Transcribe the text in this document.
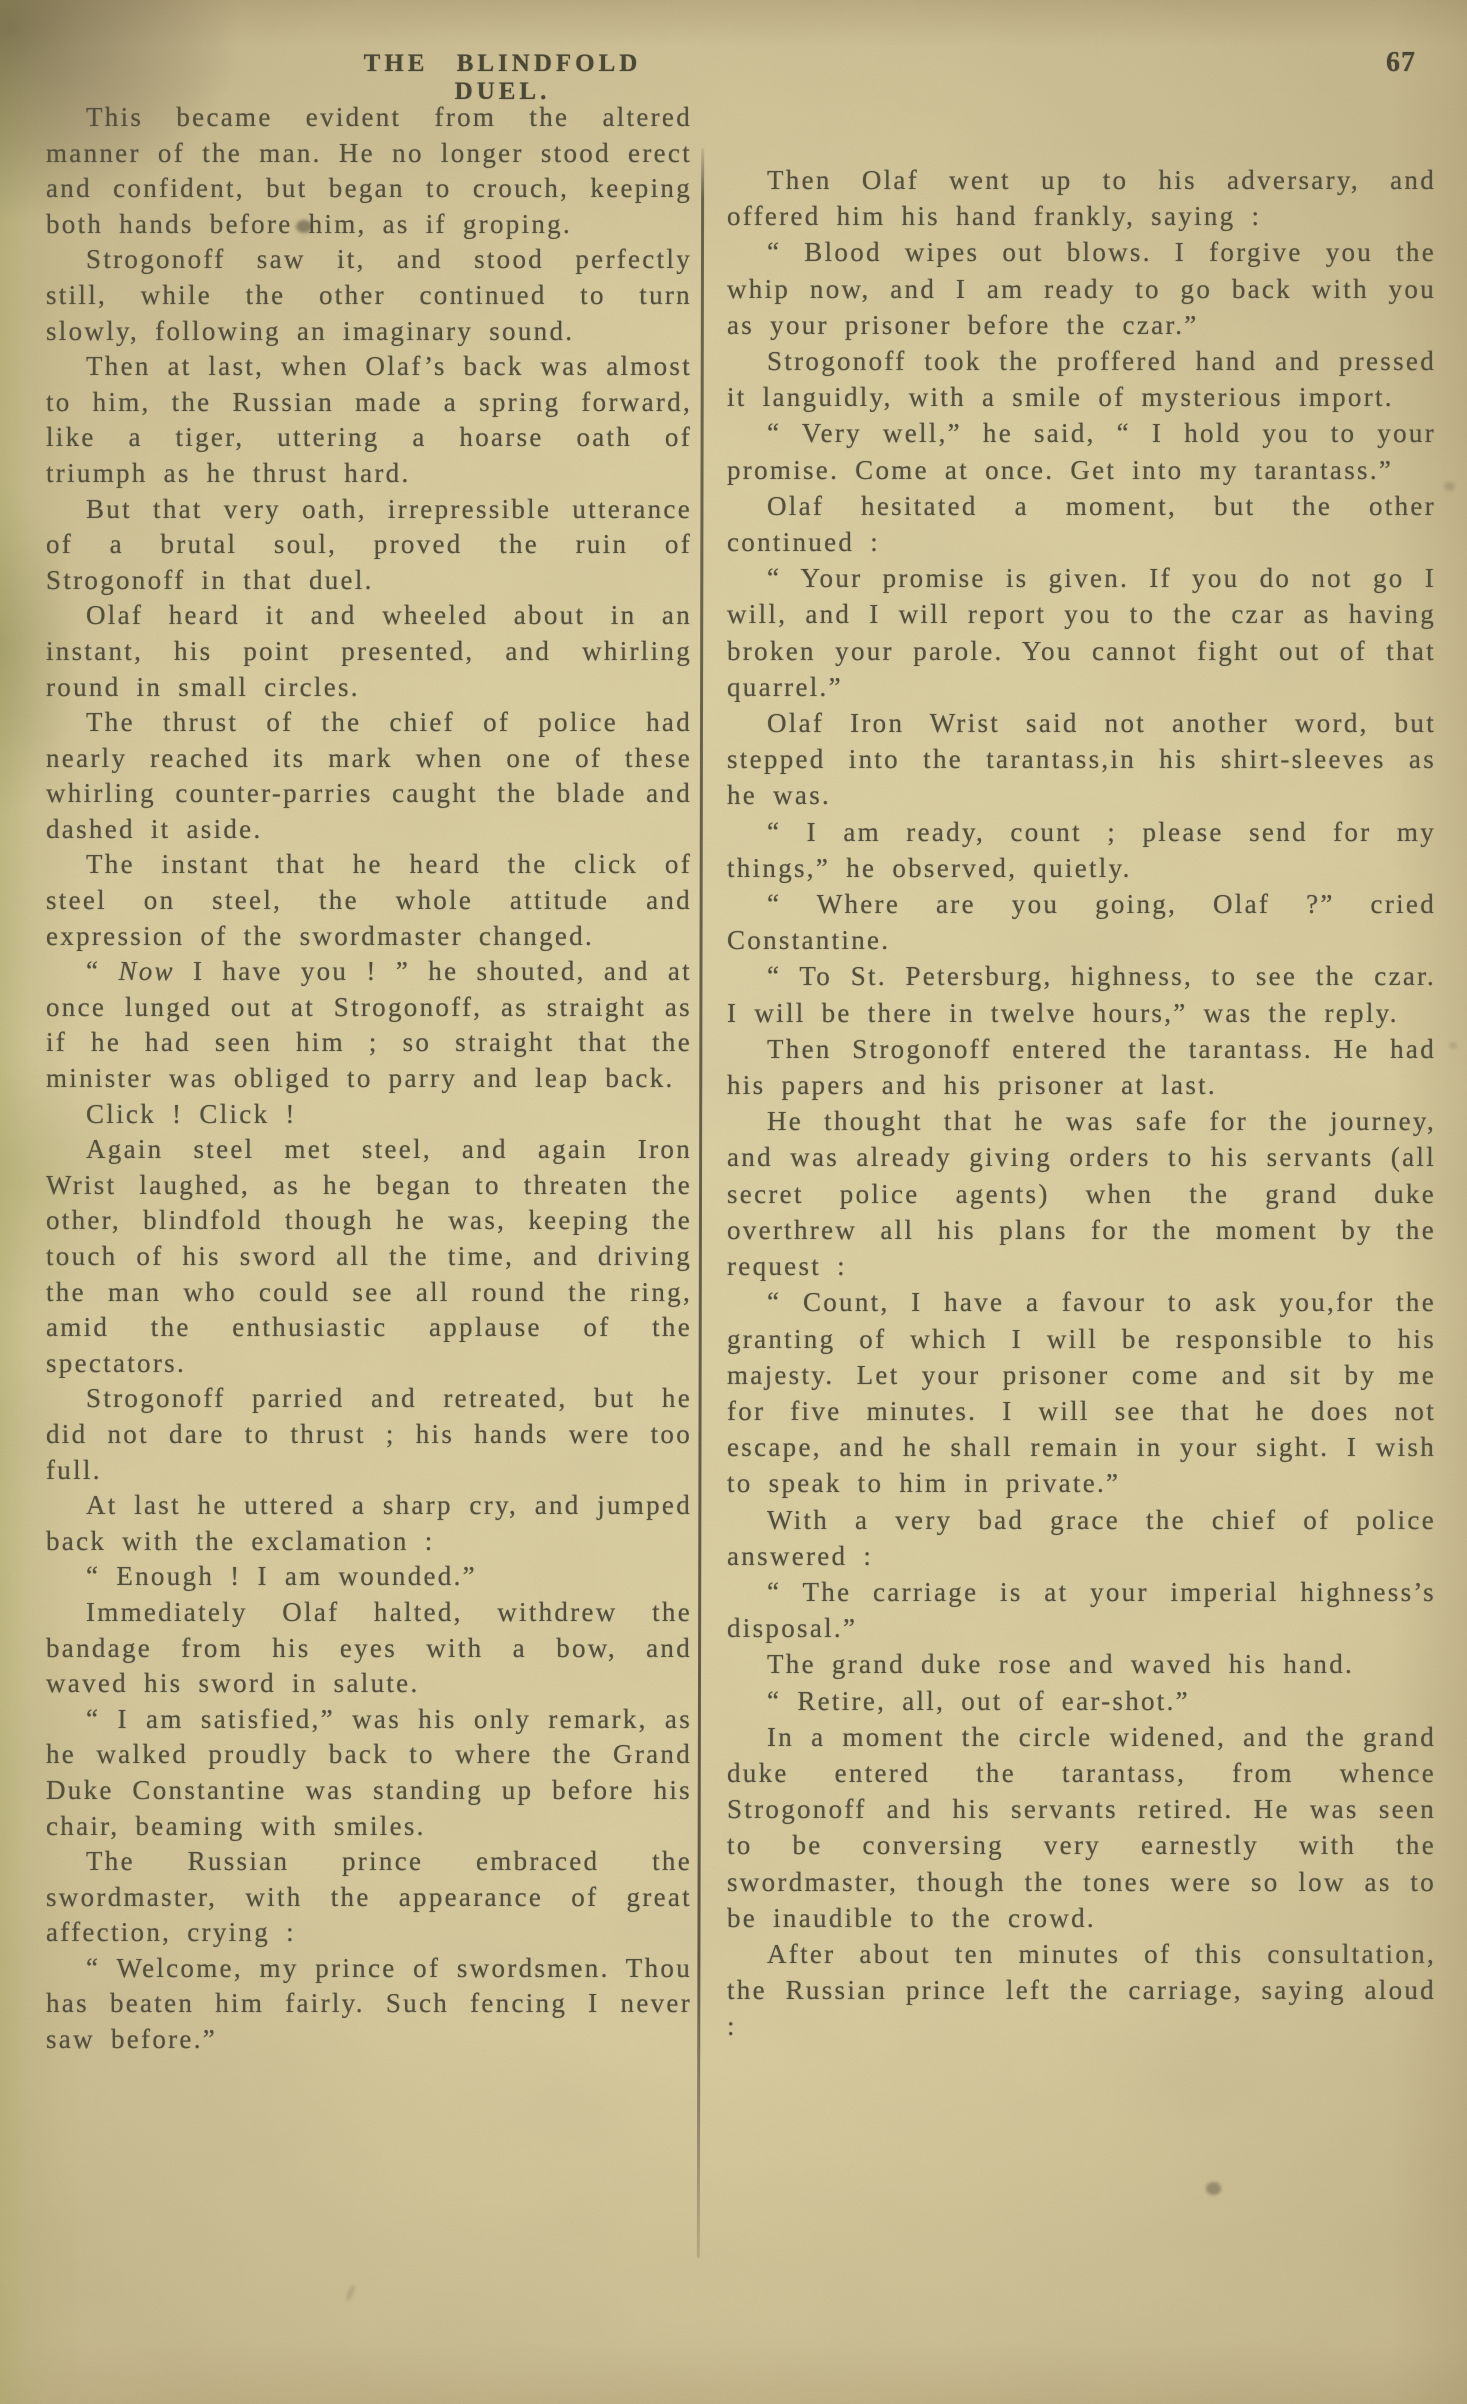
THE BLINDFOLD DUEL.
67

This became evident from the altered manner of the man. He no longer stood erect and confident, but began to crouch, keeping both hands before him, as if groping.

Strogonoff saw it, and stood perfectly still, while the other continued to turn slowly, following an imaginary sound.

Then at last, when Olaf’s back was almost to him, the Russian made a spring forward, like a tiger, uttering a hoarse oath of triumph as he thrust hard.

But that very oath, irrepressible utterance of a brutal soul, proved the ruin of Strogonoff in that duel.

Olaf heard it and wheeled about in an instant, his point presented, and whirling round in small circles.

The thrust of the chief of police had nearly reached its mark when one of these whirling counter-parries caught the blade and dashed it aside.

The instant that he heard the click of steel on steel, the whole attitude and expression of the swordmaster changed.

“ Now I have you ! ” he shouted, and at once lunged out at Strogonoff, as straight as if he had seen him ; so straight that the minister was obliged to parry and leap back.

Click ! Click !

Again steel met steel, and again Iron Wrist laughed, as he began to threaten the other, blindfold though he was, keeping the touch of his sword all the time, and driving the man who could see all round the ring, amid the enthusiastic applause of the spectators.

Strogonoff parried and retreated, but he did not dare to thrust ; his hands were too full.

At last he uttered a sharp cry, and jumped back with the exclamation :

“ Enough ! I am wounded.”

Immediately Olaf halted, withdrew the bandage from his eyes with a bow, and waved his sword in salute.

“ I am satisfied,” was his only remark, as he walked proudly back to where the Grand Duke Constantine was standing up before his chair, beaming with smiles.

The Russian prince embraced the swordmaster, with the appearance of great affection, crying :

“ Welcome, my prince of swordsmen. Thou has beaten him fairly. Such fencing I never saw before.”

Then Olaf went up to his adversary, and offered him his hand frankly, saying :

“ Blood wipes out blows. I forgive you the whip now, and I am ready to go back with you as your prisoner before the czar.”

Strogonoff took the proffered hand and pressed it languidly, with a smile of mysterious import.

“ Very well,” he said, “ I hold you to your promise. Come at once. Get into my tarantass.”

Olaf hesitated a moment, but the other continued :

“ Your promise is given. If you do not go I will, and I will report you to the czar as having broken your parole. You cannot fight out of that quarrel.”

Olaf Iron Wrist said not another word, but stepped into the tarantass,in his shirt-sleeves as he was.

“ I am ready, count ; please send for my things,” he observed, quietly.

“ Where are you going, Olaf ?” cried Constantine.

“ To St. Petersburg, highness, to see the czar. I will be there in twelve hours,” was the reply.

Then Strogonoff entered the tarantass. He had his papers and his prisoner at last.

He thought that he was safe for the journey, and was already giving orders to his servants (all secret police agents) when the grand duke overthrew all his plans for the moment by the request :

“ Count, I have a favour to ask you,for the granting of which I will be responsible to his majesty. Let your prisoner come and sit by me for five minutes. I will see that he does not escape, and he shall remain in your sight. I wish to speak to him in private.”

With a very bad grace the chief of police answered :

“ The carriage is at your imperial highness’s disposal.”

The grand duke rose and waved his hand.

“ Retire, all, out of ear-shot.”

In a moment the circle widened, and the grand duke entered the tarantass, from whence Strogonoff and his servants retired. He was seen to be conversing very earnestly with the swordmaster, though the tones were so low as to be inaudible to the crowd.

After about ten minutes of this consultation, the Russian prince left the carriage, saying aloud :
